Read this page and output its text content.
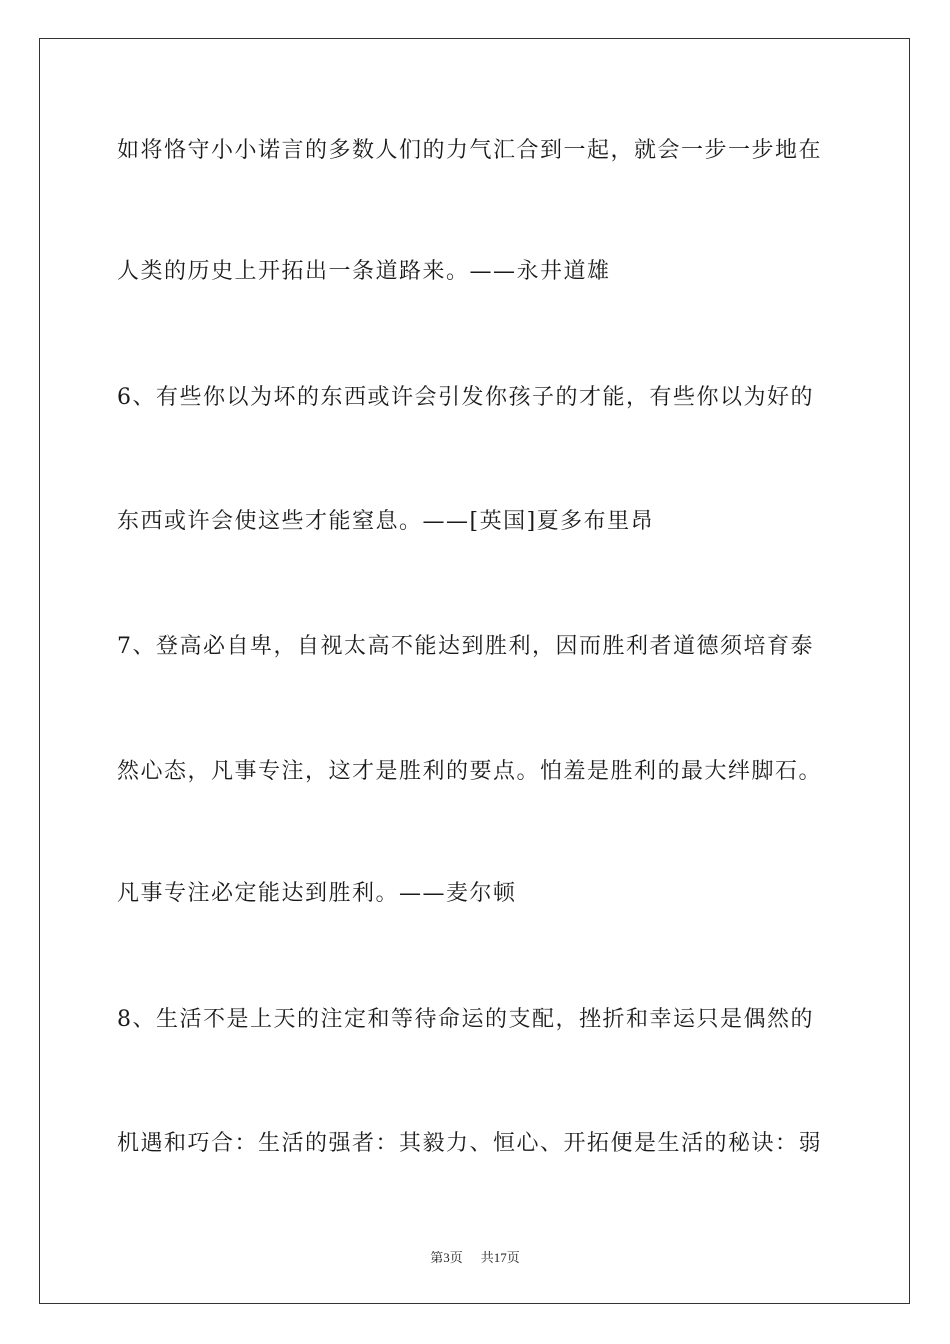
如将恪守小小诺言的多数人们的力气汇合到一起，就会一步一步地在
人类的历史上开拓出一条道路来。——永井道雄
6、有些你以为坏的东西或许会引发你孩子的才能，有些你以为好的
东西或许会使这些才能窒息。——[英国]夏多布里昂
7、登高必自卑，自视太高不能达到胜利，因而胜利者道德须培育泰
然心态，凡事专注，这才是胜利的要点。怕羞是胜利的最大绊脚石。
凡事专注必定能达到胜利。——麦尔顿
8、生活不是上天的注定和等待命运的支配，挫折和幸运只是偶然的
机遇和巧合：生活的强者：其毅力、恒心、开拓便是生活的秘诀：弱
第3页 共17页
